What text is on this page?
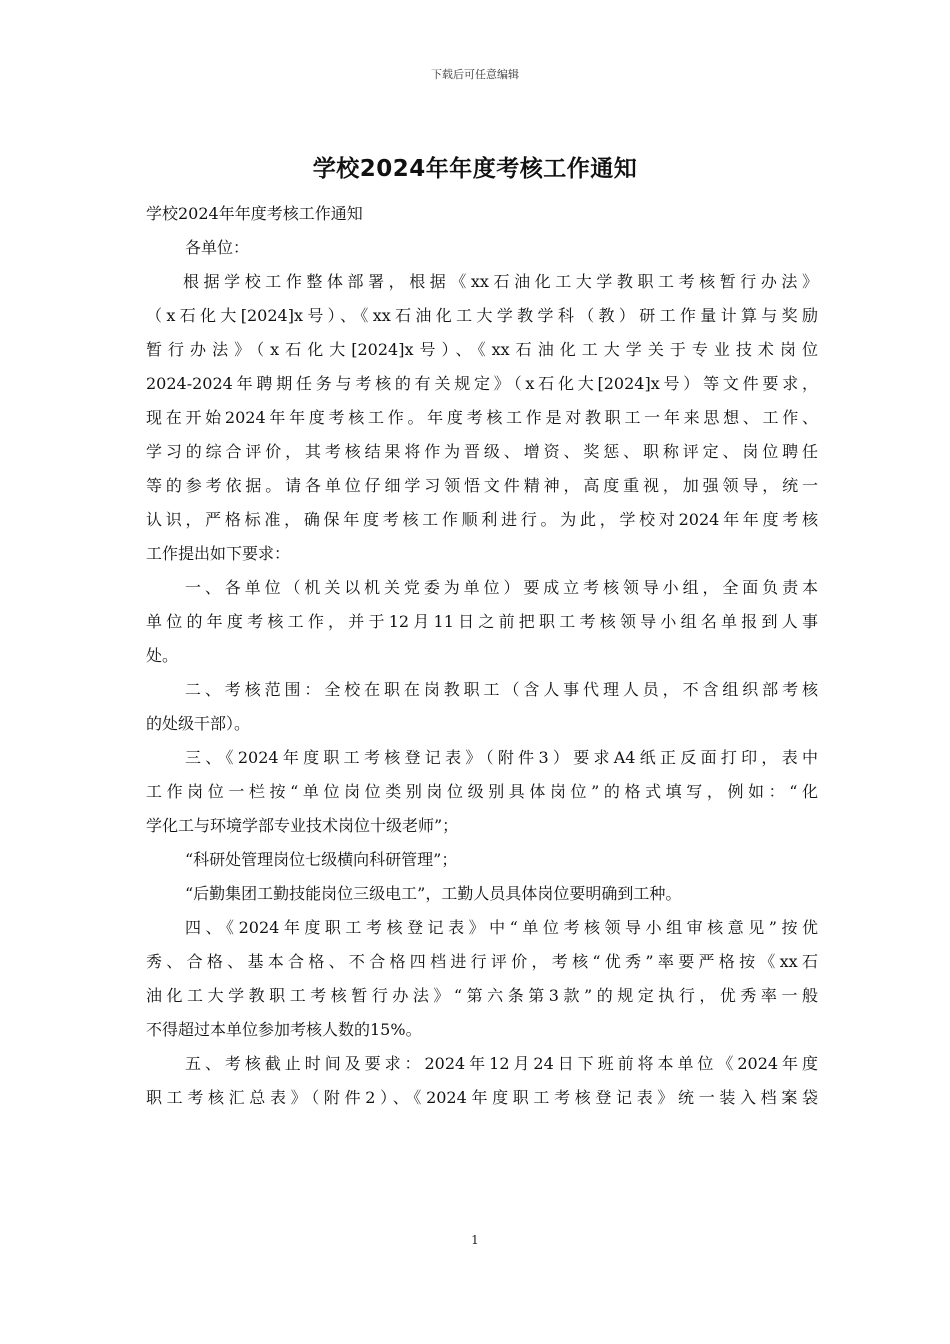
下载后可任意编辑
学校2024年年度考核工作通知
学校2024年年度考核工作通知
各单位：
根据学校工作整体部署，根据《xx石油化工大学教职工考核暂行办法》
（x石化大[2024]x号）、《xx石油化工大学教学科（教）研工作量计算与奖励
暂行办法》（x石化大[2024]x号）、《xx石油化工大学关于专业技术岗位
2024-2024年聘期任务与考核的有关规定》（x石化大[2024]x号）等文件要求，
现在开始2024年年度考核工作。年度考核工作是对教职工一年来思想、工作、
学习的综合评价，其考核结果将作为晋级、增资、奖惩、职称评定、岗位聘任
等的参考依据。请各单位仔细学习领悟文件精神，高度重视，加强领导，统一
认识，严格标准，确保年度考核工作顺利进行。为此，学校对2024年年度考核
工作提出如下要求：
一、各单位（机关以机关党委为单位）要成立考核领导小组，全面负责本
单位的年度考核工作，并于12月11日之前把职工考核领导小组名单报到人事
处。
二、考核范围：全校在职在岗教职工（含人事代理人员，不含组织部考核
的处级干部）。
三、《2024年度职工考核登记表》（附件3）要求A4纸正反面打印，表中
工作岗位一栏按“单位岗位类别岗位级别具体岗位”的格式填写，例如：“化
学化工与环境学部专业技术岗位十级老师”；
“科研处管理岗位七级横向科研管理”；
“后勤集团工勤技能岗位三级电工”，工勤人员具体岗位要明确到工种。
四、《2024年度职工考核登记表》中“单位考核领导小组审核意见”按优
秀、合格、基本合格、不合格四档进行评价，考核“优秀”率要严格按《xx石
油化工大学教职工考核暂行办法》“第六条第3款”的规定执行，优秀率一般
不得超过本单位参加考核人数的15%。
五、考核截止时间及要求：2024年12月24日下班前将本单位《2024年度
职工考核汇总表》（附件2）、《2024年度职工考核登记表》统一装入档案袋
1
